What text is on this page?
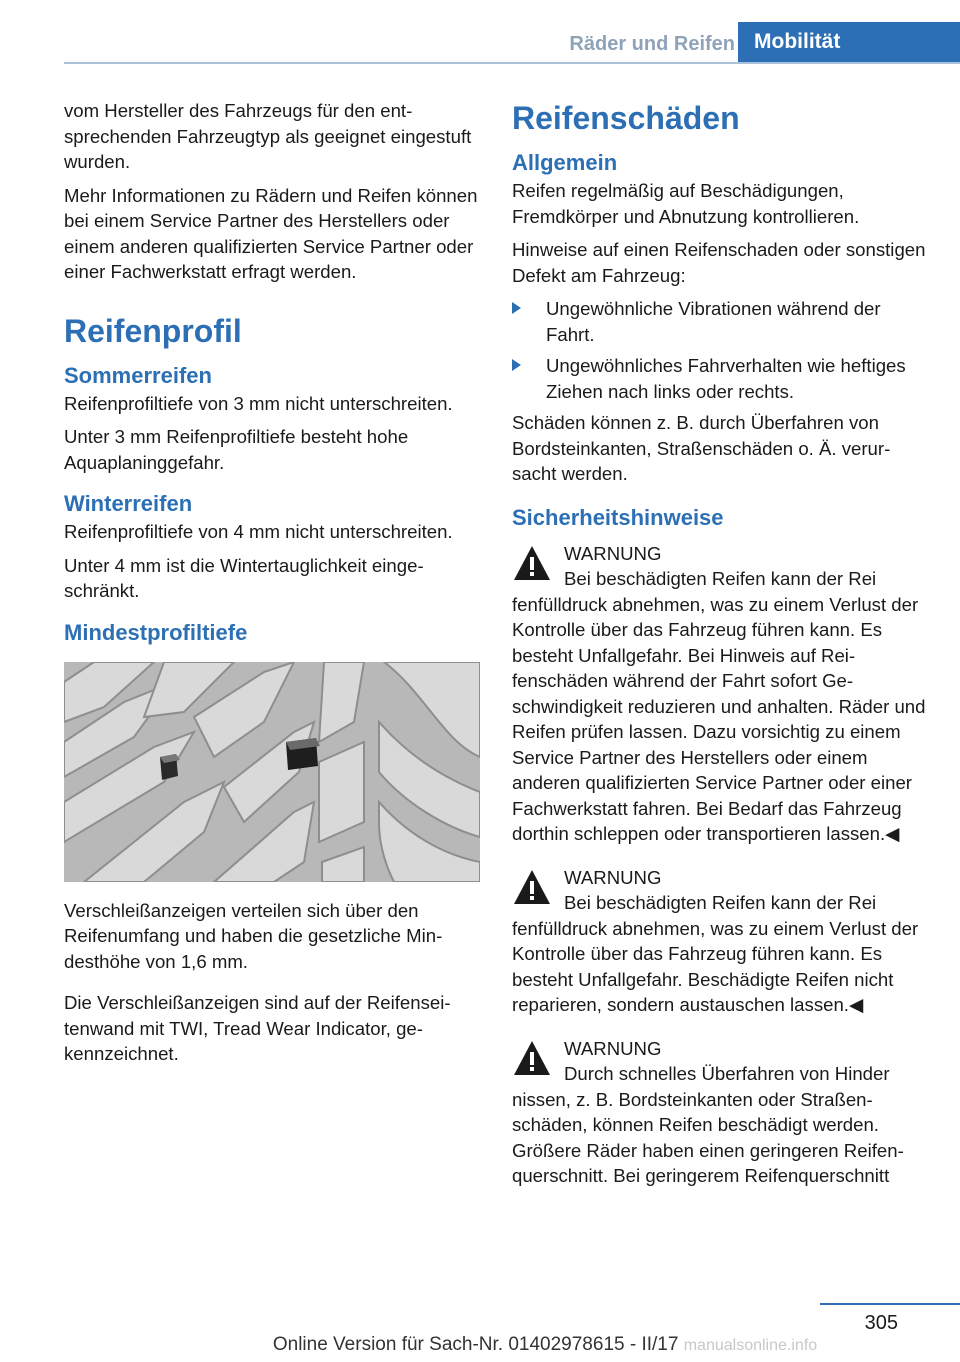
Räder und Reifen Mobilität

vom Hersteller des Fahrzeugs für den entsprechenden Fahrzeugtyp als geeignet eingestuft wurden.

Mehr Informationen zu Rädern und Reifen können bei einem Service Partner des Herstellers oder einem anderen qualifizierten Service Partner oder einer Fachwerkstatt erfragt werden.

Reifenprofil
Sommerreifen

Reifenprofiltiefe von 3 mm nicht unterschreiten.

Unter 3 mm Reifenprofiltiefe besteht hohe Aquaplaninggefahr.

Winterreifen

Reifenprofiltiefe von 4 mm nicht unterschreiten.

Unter 4 mm ist die Wintertauglichkeit eingeschränkt.

Mindestprofiltiefe

Verschleißanzeigen verteilen sich über den Reifenumfang und haben die gesetzliche Mindesthöhe von 1,6 mm.

Die Verschleißanzeigen sind auf der Reifenseitenwand mit TWI, Tread Wear Indicator, gekennzeichnet.

Reifenschäden
Allgemein

Reifen regelmäßig auf Beschädigungen, Fremdkörper und Abnutzung kontrollieren.

Hinweise auf einen Reifenschaden oder sonstigen Defekt am Fahrzeug:

Ungewöhnliche Vibrationen während der Fahrt.
Ungewöhnliches Fahrverhalten wie heftiges Ziehen nach links oder rechts.

Schäden können z. B. durch Überfahren von Bordsteinkanten, Straßenschäden o. Ä. verursacht werden.

Sicherheitshinweise
WARNUNG
Bei beschädigten Reifen kann der Rei
fenfülldruck abnehmen, was zu einem Verlust der Kontrolle über das Fahrzeug führen kann. Es besteht Unfallgefahr. Bei Hinweis auf Reifenschäden während der Fahrt sofort Geschwindigkeit reduzieren und anhalten. Räder und Reifen prüfen lassen. Dazu vorsichtig zu einem Service Partner des Herstellers oder einem anderen qualifizierten Service Partner oder einer Fachwerkstatt fahren. Bei Bedarf das Fahrzeug dorthin schleppen oder transportieren lassen.◀
WARNUNG
Bei beschädigten Reifen kann der Rei
fenfülldruck abnehmen, was zu einem Verlust der Kontrolle über das Fahrzeug führen kann. Es besteht Unfallgefahr. Beschädigte Reifen nicht reparieren, sondern austauschen lassen.◀
WARNUNG
Durch schnelles Überfahren von Hinder
nissen, z. B. Bordsteinkanten oder Straßenschäden, können Reifen beschädigt werden. Größere Räder haben einen geringeren Reifenquerschnitt. Bei geringerem Reifenquerschnitt
305
Online Version für Sach-Nr. 01402978615 - II/17 manualsonline.info
